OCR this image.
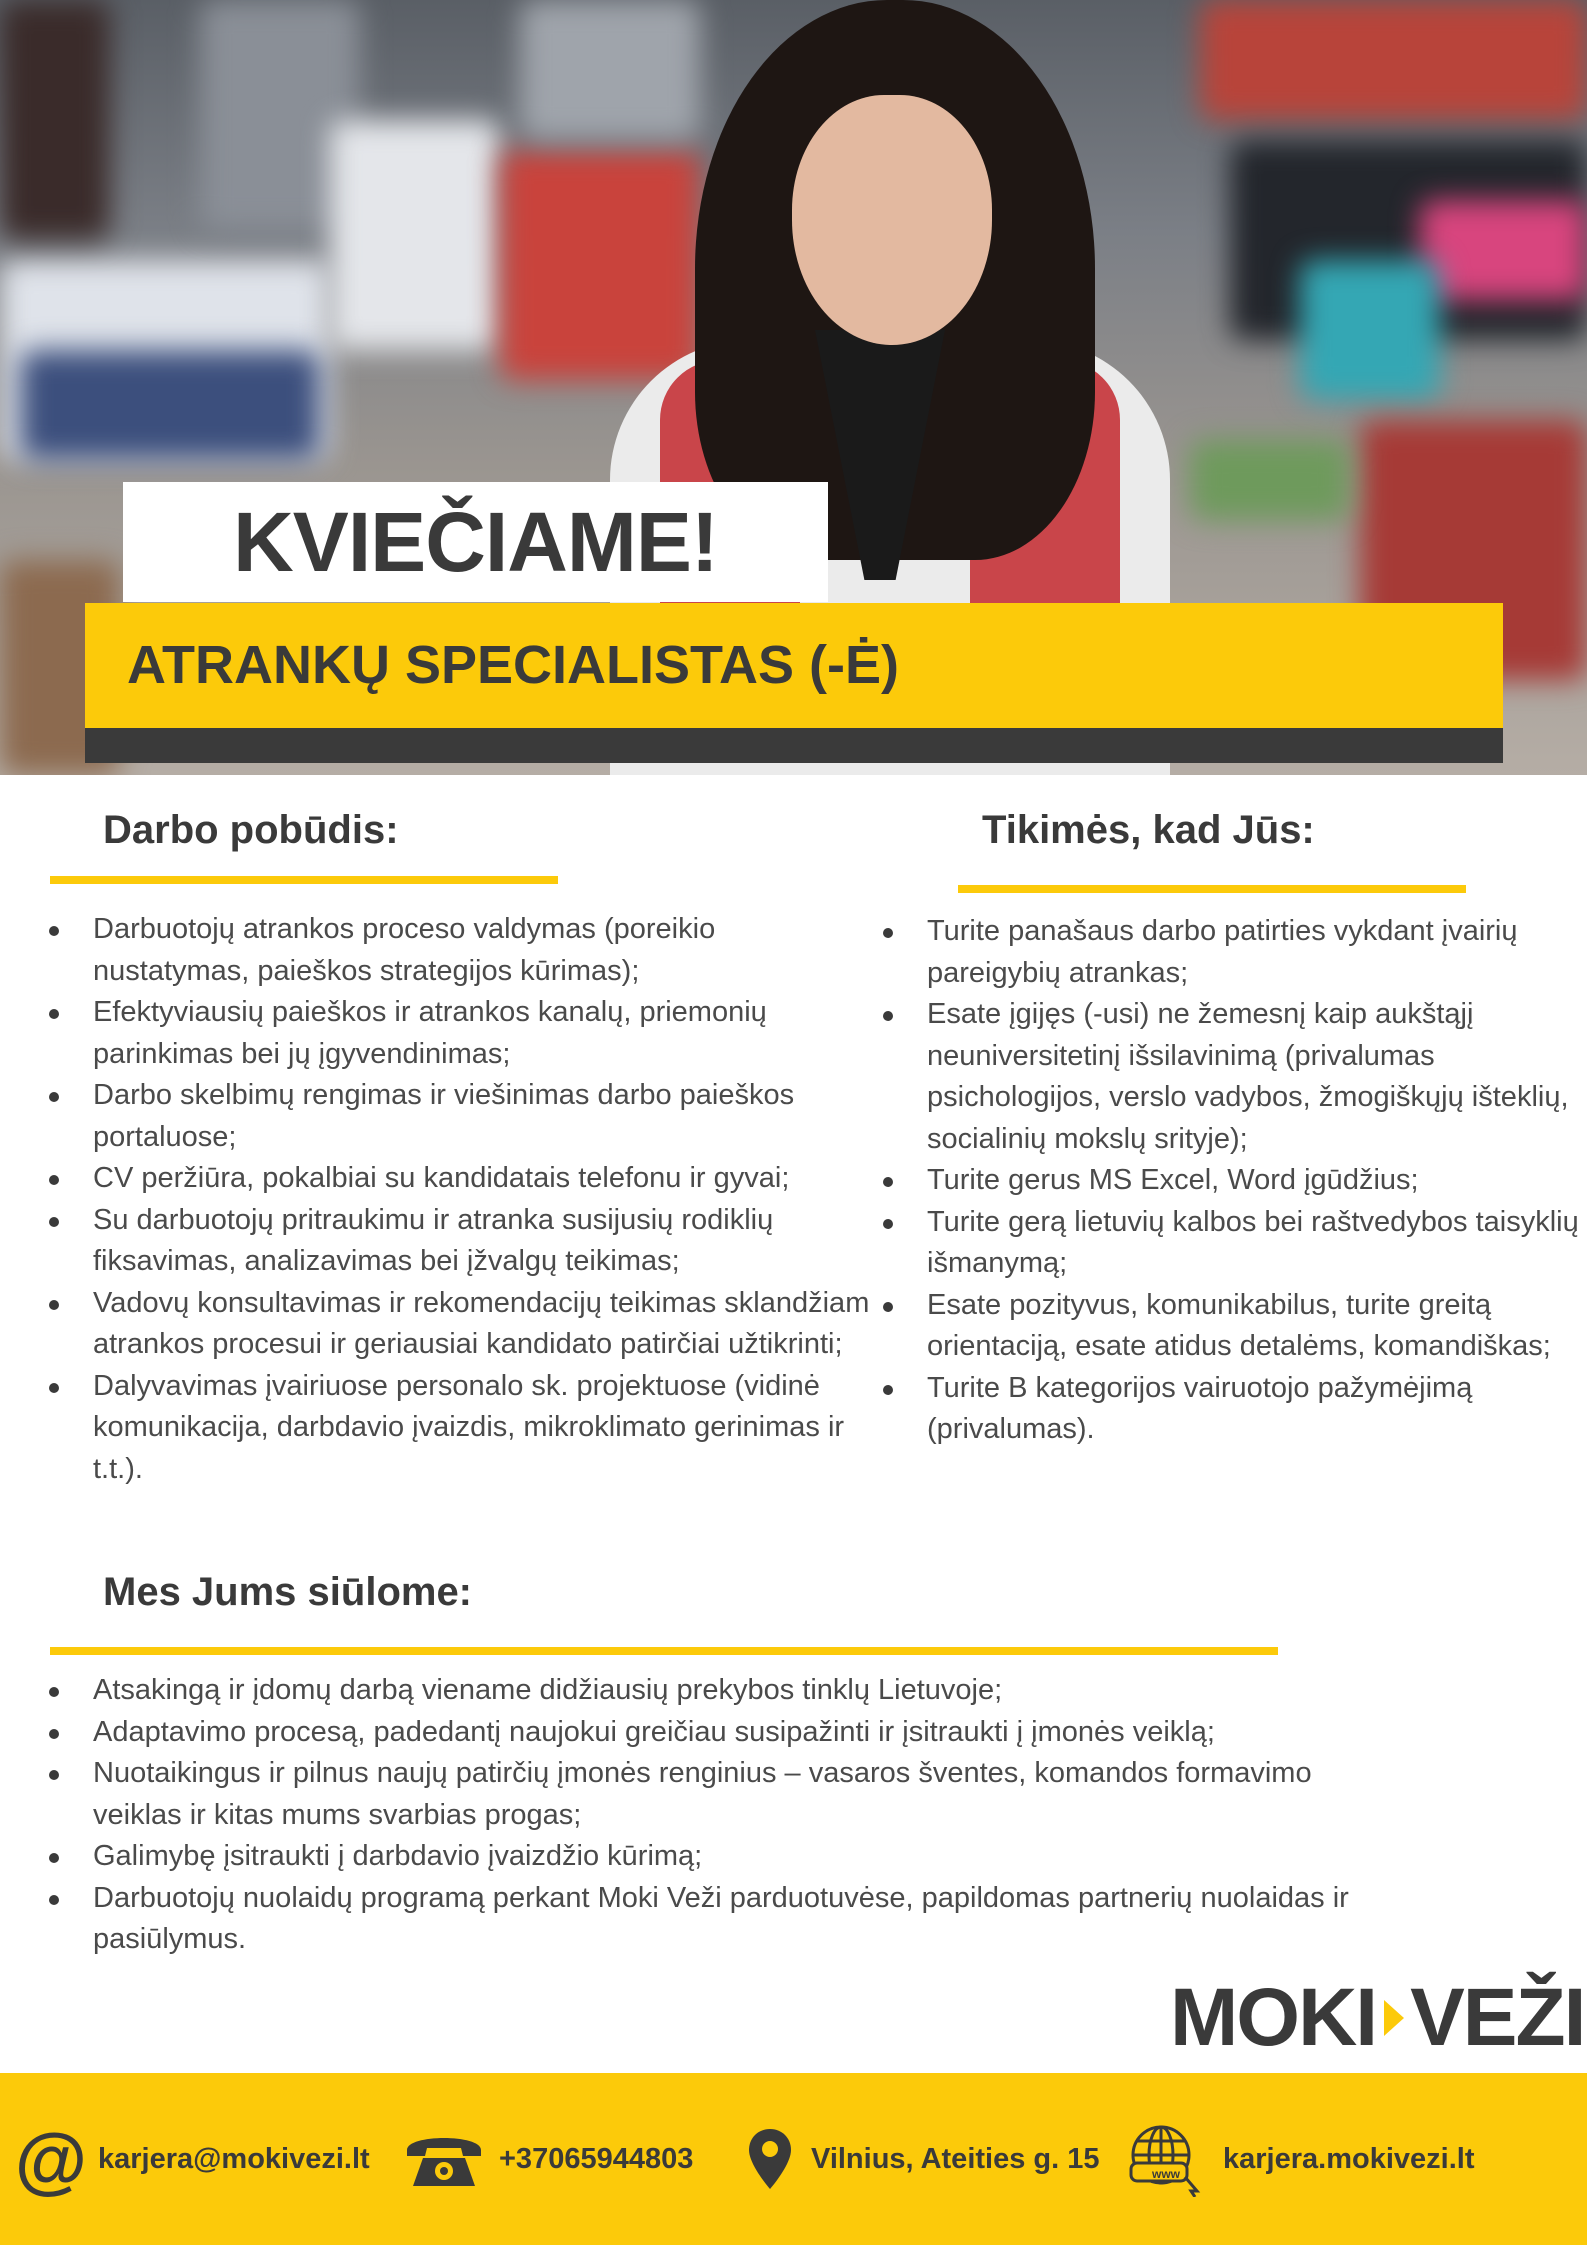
KVIEČIAME!
ATRANKŲ SPECIALISTAS (-Ė)
Darbo pobūdis:
Darbuotojų atrankos proceso valdymas (poreikio
nustatymas, paieškos strategijos kūrimas);
Efektyviausių paieškos ir atrankos kanalų, priemonių
parinkimas bei jų įgyvendinimas;
Darbo skelbimų rengimas ir viešinimas darbo paieškos
portaluose;
CV peržiūra, pokalbiai su kandidatais telefonu ir gyvai;
Su darbuotojų pritraukimu ir atranka susijusių rodiklių
fiksavimas, analizavimas bei įžvalgų teikimas;
Vadovų konsultavimas ir rekomendacijų teikimas sklandžiam
atrankos procesui ir geriausiai kandidato patirčiai užtikrinti;
Dalyvavimas įvairiuose personalo sk. projektuose (vidinė
komunikacija, darbdavio įvaizdis, mikroklimato gerinimas ir
t.t.).
Tikimės, kad Jūs:
Turite panašaus darbo patirties vykdant įvairių
pareigybių atrankas;
Esate įgijęs (-usi) ne žemesnį kaip aukštąjį
neuniversitetinį išsilavinimą (privalumas
psichologijos, verslo vadybos, žmogiškųjų išteklių,
socialinių mokslų srityje);
Turite gerus MS Excel, Word įgūdžius;
Turite gerą lietuvių kalbos bei raštvedybos taisyklių
išmanymą;
Esate pozityvus, komunikabilus, turite greitą
orientaciją, esate atidus detalėms, komandiškas;
Turite B kategorijos vairuotojo pažymėjimą
(privalumas).
Mes Jums siūlome:
Atsakingą ir įdomų darbą viename didžiausių prekybos tinklų Lietuvoje;
Adaptavimo procesą, padedantį naujokui greičiau susipažinti ir įsitraukti į įmonės veiklą;
Nuotaikingus ir pilnus naujų patirčių įmonės renginius – vasaros šventes, komandos formavimo
veiklas ir kitas mums svarbias progas;
Galimybę įsitraukti į darbdavio įvaizdžio kūrimą;
Darbuotojų nuolaidų programą perkant Moki Veži parduotuvėse, papildomas partnerių nuolaidas ir
pasiūlymus.
MOKI VEŽI
@ karjera@mokivezi.lt	+37065944803	Vilnius, Ateities g. 15	www	karjera.mokivezi.lt
